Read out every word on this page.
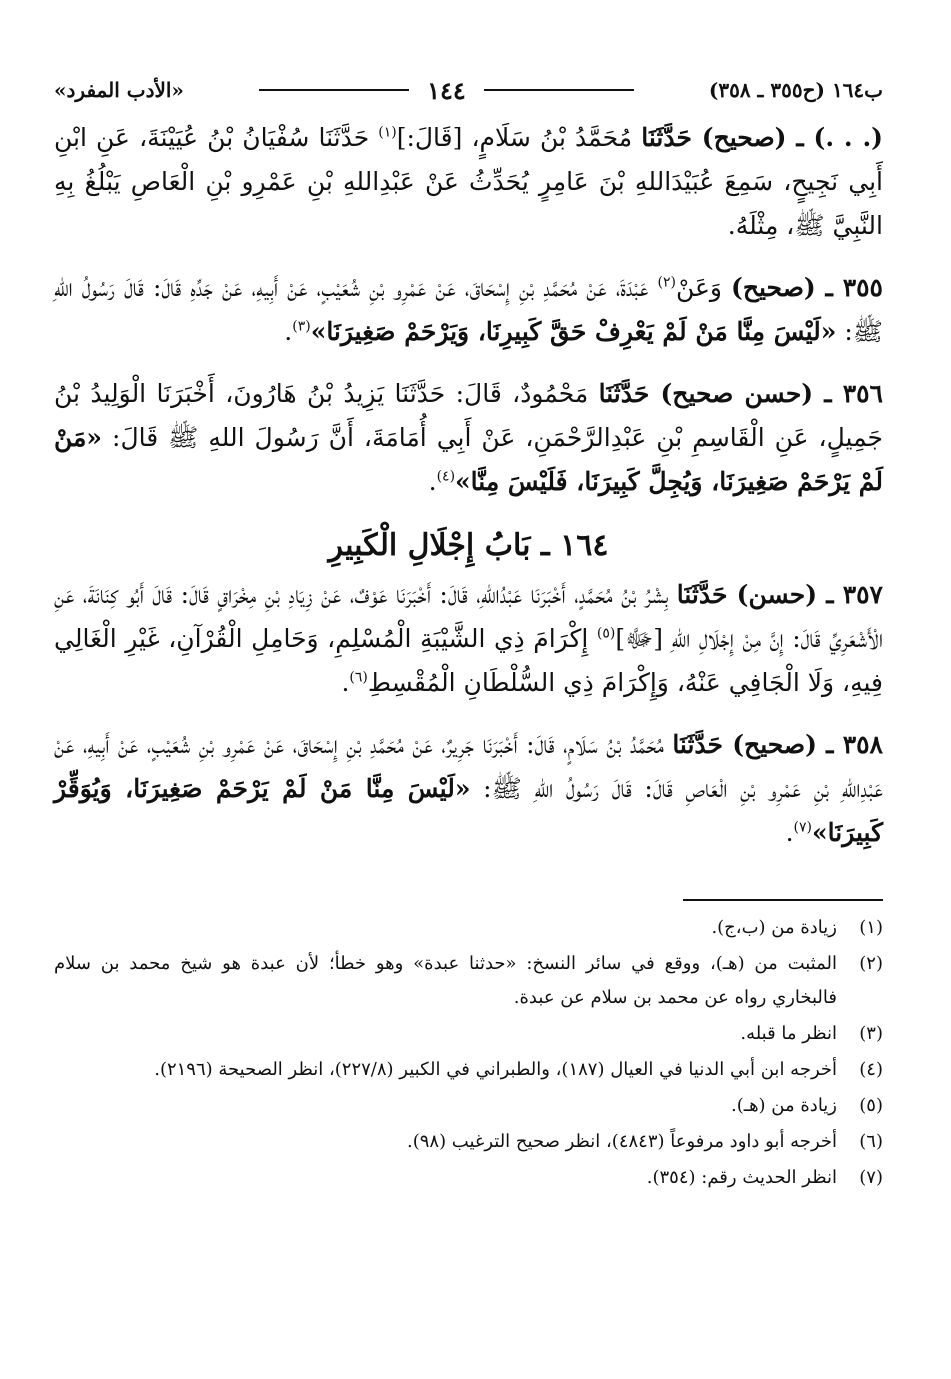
ب١٦٤ (ح٣٥٥ ـ ٣٥٨)
١٤٤
«الأدب المفرد»

(. . .) ـ (صحيح) حَدَّثَنَا مُحَمَّدُ بْنُ سَلَامٍ، [قَالَ:]$^{(١)}$ حَدَّثَنَا سُفْيَانُ بْنُ عُيَيْنَةَ، عَنِ ابْنِ أَبِي نَجِيحٍ، سَمِعَ عُبَيْدَاللهِ بْنَ عَامِرٍ يُحَدِّثُ عَنْ عَبْدِاللهِ بْنِ عَمْرِو بْنِ الْعَاصِ يَبْلُغُ بِهِ النَّبِيَّ ﷺ، مِثْلَهُ.

٣٥٥ ـ (صحيح) وَعَنْ$^{(٢)}$ عَبْدَةَ، عَنْ مُحَمَّدِ بْنِ إِسْحَاقَ، عَنْ عَمْرِو بْنِ شُعَيْبٍ، عَنْ أَبِيهِ، عَنْ جَدِّهِ قَالَ: قَالَ رَسُولُ اللهِ ﷺ: «لَيْسَ مِنَّا مَنْ لَمْ يَعْرِفْ حَقَّ كَبِيرِنَا، وَيَرْحَمْ صَغِيرَنَا»$^{(٣)}$.

٣٥٦ ـ (حسن صحيح) حَدَّثَنَا مَحْمُودٌ، قَالَ: حَدَّثَنَا يَزِيدُ بْنُ هَارُونَ، أَخْبَرَنَا الْوَلِيدُ بْنُ جَمِيلٍ، عَنِ الْقَاسِمِ بْنِ عَبْدِالرَّحْمَنِ، عَنْ أَبِي أُمَامَةَ، أَنَّ رَسُولَ اللهِ ﷺ قَالَ: «مَنْ لَمْ يَرْحَمْ صَغِيرَنَا، وَيُجِلَّ كَبِيرَنَا، فَلَيْسَ مِنَّا»$^{(٤)}$.

١٦٤ ـ بَابُ إِجْلَالِ الْكَبِيرِ

٣٥٧ ـ (حسن) حَدَّثَنَا بِشْرُ بْنُ مُحَمَّدٍ، أَخْبَرَنَا عَبْدُاللهِ، قَالَ: أَخْبَرَنَا عَوْفٌ، عَنْ زِيَادِ بْنِ مِخْرَاقٍ قَالَ: قَالَ أَبُو كِنَانَةَ، عَنِ الْأَشْعَرِيِّ قَالَ: إِنَّ مِنْ إِجْلَالِ اللهِ [ﷻ]$^{(٥)}$ إِكْرَامَ ذِي الشَّيْبَةِ الْمُسْلِمِ، وَحَامِلِ الْقُرْآنِ، غَيْرِ الْغَالِي فِيهِ، وَلَا الْجَافِي عَنْهُ، وَإِكْرَامَ ذِي السُّلْطَانِ الْمُقْسِطِ$^{(٦)}$.

٣٥٨ ـ (صحيح) حَدَّثَنَا مُحَمَّدُ بْنُ سَلَامٍ، قَالَ: أَخْبَرَنَا جَرِيرٌ، عَنْ مُحَمَّدِ بْنِ إِسْحَاقَ، عَنْ عَمْرِو بْنِ شُعَيْبٍ، عَنْ أَبِيهِ، عَنْ عَبْدِاللهِ بْنِ عَمْرِو بْنِ الْعَاصِ قَالَ: قَالَ رَسُولُ اللهِ ﷺ: «لَيْسَ مِنَّا مَنْ لَمْ يَرْحَمْ صَغِيرَنَا، وَيُوَقِّرْ كَبِيرَنَا»$^{(٧)}$.

(١)
زيادة من (ب،ج).
(٢)
المثبت من (هـ)، ووقع في سائر النسخ: «حدثنا عبدة» وهو خطأ؛ لأن عبدة هو شيخ محمد بن سلام فالبخاري رواه عن محمد بن سلام عن عبدة.
(٣)
انظر ما قبله.
(٤)
أخرجه ابن أبي الدنيا في العيال (١٨٧)، والطبراني في الكبير (٢٢٧/٨)، انظر الصحيحة (٢١٩٦).
(٥)
زيادة من (هـ).
(٦)
أخرجه أبو داود مرفوعاً (٤٨٤٣)، انظر صحيح الترغيب (٩٨).
(٧)
انظر الحديث رقم: (٣٥٤).
